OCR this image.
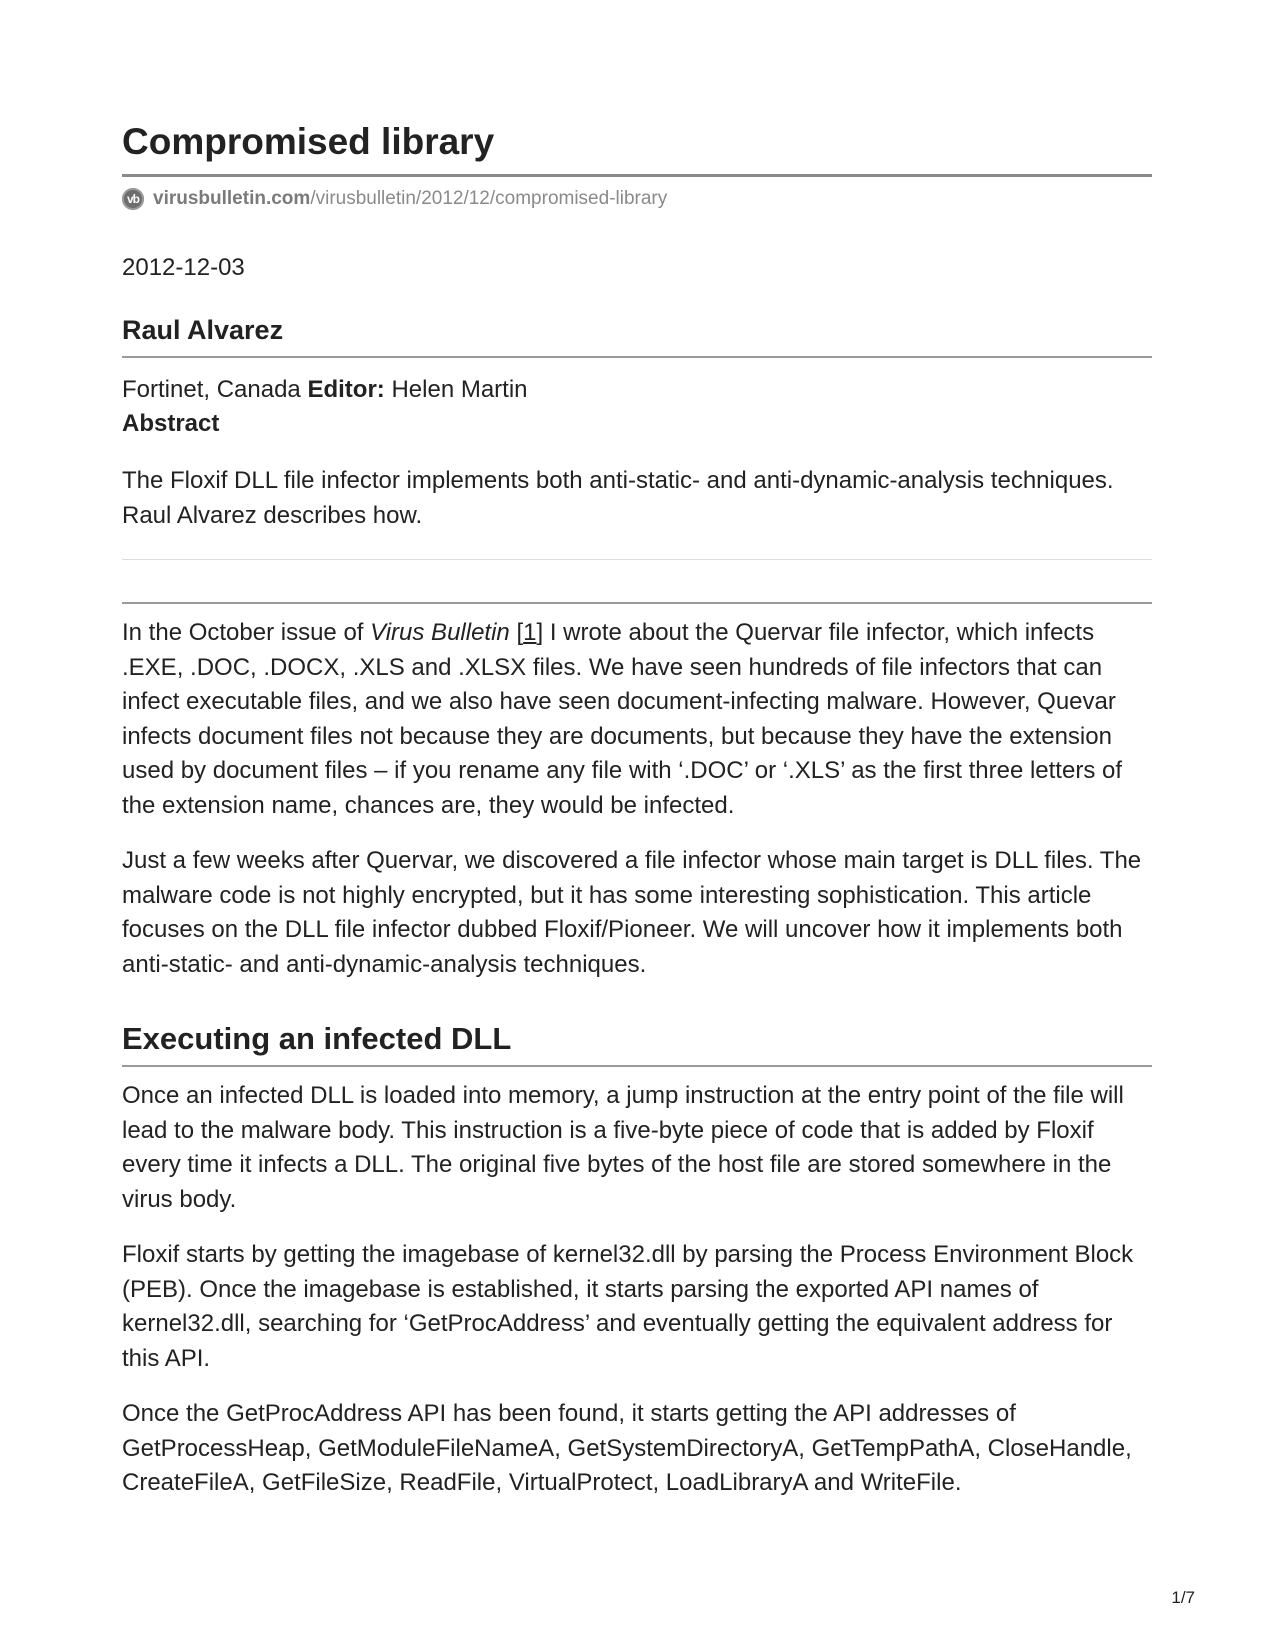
Compromised library
vb virusbulletin.com /virusbulletin/2012/12/compromised-library
2012-12-03
Raul Alvarez
Fortinet, Canada Editor: Helen Martin
Abstract

The Floxif DLL file infector implements both anti-static- and anti-dynamic-analysis techniques. Raul Alvarez describes how.

In the October issue of Virus Bulletin [1] I wrote about the Quervar file infector, which infects .EXE, .DOC, .DOCX, .XLS and .XLSX files. We have seen hundreds of file infectors that can infect executable files, and we also have seen document-infecting malware. However, Quevar infects document files not because they are documents, but because they have the extension used by document files – if you rename any file with ‘.DOC’ or ‘.XLS’ as the first three letters of the extension name, chances are, they would be infected.

Just a few weeks after Quervar, we discovered a file infector whose main target is DLL files. The malware code is not highly encrypted, but it has some interesting sophistication. This article focuses on the DLL file infector dubbed Floxif/Pioneer. We will uncover how it implements both anti-static- and anti-dynamic-analysis techniques.

Executing an infected DLL

Once an infected DLL is loaded into memory, a jump instruction at the entry point of the file will lead to the malware body. This instruction is a five-byte piece of code that is added by Floxif every time it infects a DLL. The original five bytes of the host file are stored somewhere in the virus body.

Floxif starts by getting the imagebase of kernel32.dll by parsing the Process Environment Block (PEB). Once the imagebase is established, it starts parsing the exported API names of kernel32.dll, searching for ‘GetProcAddress’ and eventually getting the equivalent address for this API.

Once the GetProcAddress API has been found, it starts getting the API addresses of GetProcessHeap, GetModuleFileNameA, GetSystemDirectoryA, GetTempPathA, CloseHandle, CreateFileA, GetFileSize, ReadFile, VirtualProtect, LoadLibraryA and WriteFile.

1/7
